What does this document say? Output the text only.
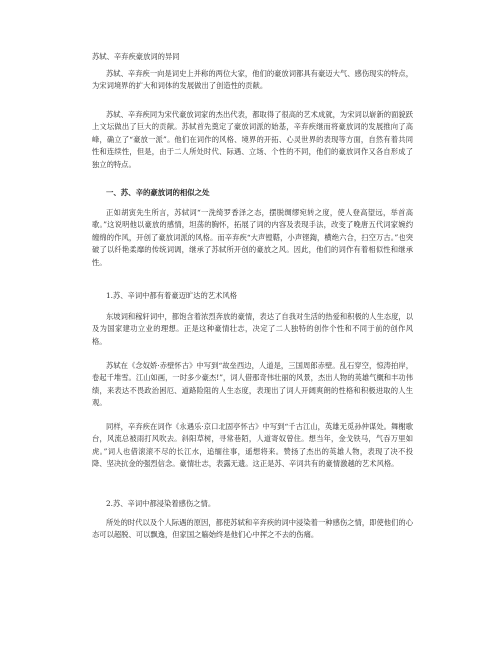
苏轼、辛弃疾豪放词的异同
苏轼、辛弃疾一向是词史上并称的两位大家，他们的豪放词都具有豪迈大气、感伤现实的特点，为宋词境界的扩大和词体的发展做出了创造性的贡献。
苏轼、辛弃疾同为宋代豪放词家的杰出代表，都取得了很高的艺术成就，为宋词以崭新的面貌跃上文坛做出了巨大的贡献。苏轼首先奠定了豪放词派的始基，辛弃疾继而将豪放词的发展推向了高峰，确立了“豪放一派”。他们在词作的风格、境界的开拓、心灵世界的表现等方面，自然有着共同性和连续性，但是，由于二人所处时代、际遇、立场、个性的不同，他们的豪放词作又各自形成了独立的特点。
一、苏、辛的豪放词的相似之处
正如胡寅先生所言，苏轼词“一洗绮罗香泽之态，摆脱绸缪宛转之度，使人登高望远，举首高歌。”这说明他以豪放的感情，坦荡的胸怀，拓展了词的内容及表现手法，改变了晚唐五代词家婉约缠绵的作风，开创了豪放词派的风格。而辛弃疾“大声镗鞳，小声铿鍧，横绝六合，扫空万古。”也突破了以纤艳柔靡的传统词调，继承了苏轼所开创的豪放之风。因此，他们的词作有着相似性和继承性。
1.苏、辛词中都有着豪迈旷达的艺术风格
东坡词和稼轩词中，都饱含着浓烈奔放的豪情，表达了自我对生活的热爱和积极的人生态度，以及为国家建功立业的理想。正是这种豪情壮志，决定了二人独特的创作个性和不同于前的创作风格。
苏轼在《念奴娇·赤壁怀古》中写到“故垒西边，人道是，三国周郎赤壁。乱石穿空，惊涛拍岸，卷起千堆雪。江山如画，一时多少豪杰!”，词人借那奇伟壮丽的风景，杰出人物的英雄气概和丰功伟绩，来表达不畏政治困厄、道路险阻的人生态度，表现出了词人开阔爽朗的性格和积极进取的人生观。
同样，辛弃疾在词作《永遇乐·京口北固亭怀古》中写到“千古江山，英雄无觅孙仲谋处。舞榭歌台，风流总被雨打风吹去。斜阳草树，寻常巷陌，人道寄奴曾住。想当年，金戈铁马，气吞万里如虎。”词人也借滚滚不尽的长江水，追缅往事，遥想将来。赞扬了杰出的英雄人物，表现了决不投降、坚决抗金的强烈信念。豪情壮志，表露无遗。这正是苏、辛词共有的豪情激越的艺术风格。
2.苏、辛词中都浸染着感伤之情。
所处的时代以及个人际遇的原因，都使苏轼和辛弃疾的词中浸染着一种感伤之情，即使他们的心态可以超脱、可以飘逸，但家国之觞始终是他们心中挥之不去的伤痛。
